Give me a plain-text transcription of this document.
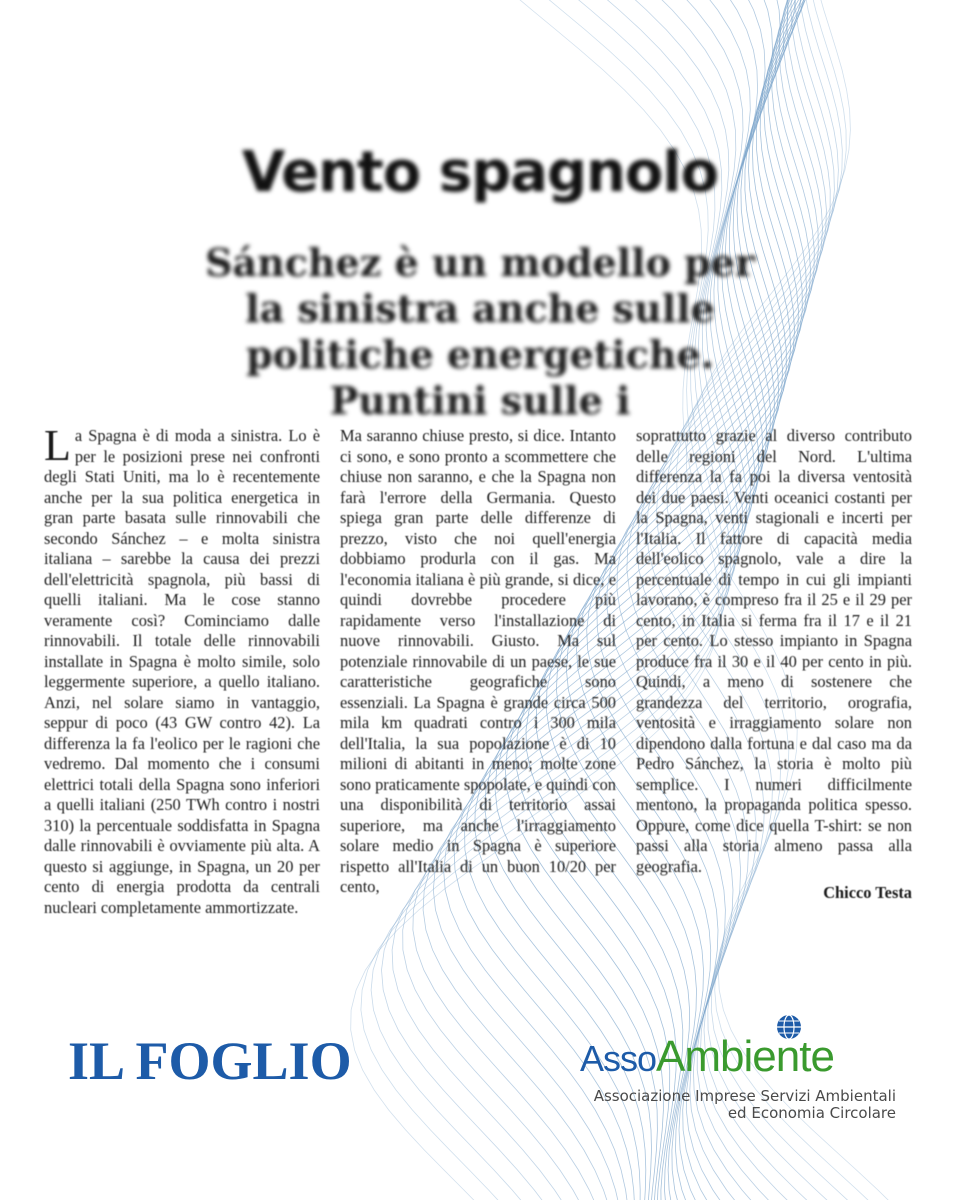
Vento spagnolo
Sánchez è un modello per la sinistra anche sulle politiche energetiche. Puntini sulle i
La Spagna è di moda a sinistra. Lo è per le posizioni prese nei confronti degli Stati Uniti, ma lo è recentemente anche per la sua politica energetica in gran parte basata sulle rinnovabili che secondo Sánchez – e molta sinistra italiana – sarebbe la causa dei prezzi dell'elettricità spagnola, più bassi di quelli italiani. Ma le cose stanno veramente così? Cominciamo dalle rinnovabili. Il totale delle rinnovabili installate in Spagna è molto simile, solo leggermente superiore, a quello italiano. Anzi, nel solare siamo in vantaggio, seppur di poco (43 GW contro 42). La differenza la fa l'eolico per le ragioni che vedremo. Dal momento che i consumi elettrici totali della Spagna sono inferiori a quelli italiani (250 TWh contro i nostri 310) la percentuale soddisfatta in Spagna dalle rinnovabili è ovviamente più alta. A questo si aggiunge, in Spagna, un 20 per cento di energia prodotta da centrali nucleari completamente ammortizzate.
Ma saranno chiuse presto, si dice. Intanto ci sono, e sono pronto a scommettere che chiuse non saranno, e che la Spagna non farà l'errore della Germania. Questo spiega gran parte delle differenze di prezzo, visto che noi quell'energia dobbiamo produrla con il gas. Ma l'economia italiana è più grande, si dice, e quindi dovrebbe procedere più rapidamente verso l'installazione di nuove rinnovabili. Giusto. Ma sul potenziale rinnovabile di un paese, le sue caratteristiche geografiche sono essenziali. La Spagna è grande circa 500 mila km quadrati contro i 300 mila dell'Italia, la sua popolazione è di 10 milioni di abitanti in meno; molte zone sono praticamente spopolate, e quindi con una disponibilità di territorio assai superiore, ma anche l'irraggiamento solare medio in Spagna è superiore rispetto all'Italia di un buon 10/20 per cento,
soprattutto grazie al diverso contributo delle regioni del Nord. L'ultima differenza la fa poi la diversa ventosità dei due paesi. Venti oceanici costanti per la Spagna, venti stagionali e incerti per l'Italia. Il fattore di capacità media dell'eolico spagnolo, vale a dire la percentuale di tempo in cui gli impianti lavorano, è compreso fra il 25 e il 29 per cento, in Italia si ferma fra il 17 e il 21 per cento. Lo stesso impianto in Spagna produce fra il 30 e il 40 per cento in più. Quindi, a meno di sostenere che grandezza del territorio, orografia, ventosità e irraggiamento solare non dipendono dalla fortuna e dal caso ma da Pedro Sánchez, la storia è molto più semplice. I numeri difficilmente mentono, la propaganda politica spesso. Oppure, come dice quella T-shirt: se non passi alla storia almeno passa alla geografia.
Chicco Testa
IL FOGLIO	AssoAmbiente
Associazione Imprese Servizi Ambientali
ed Economia Circolare
